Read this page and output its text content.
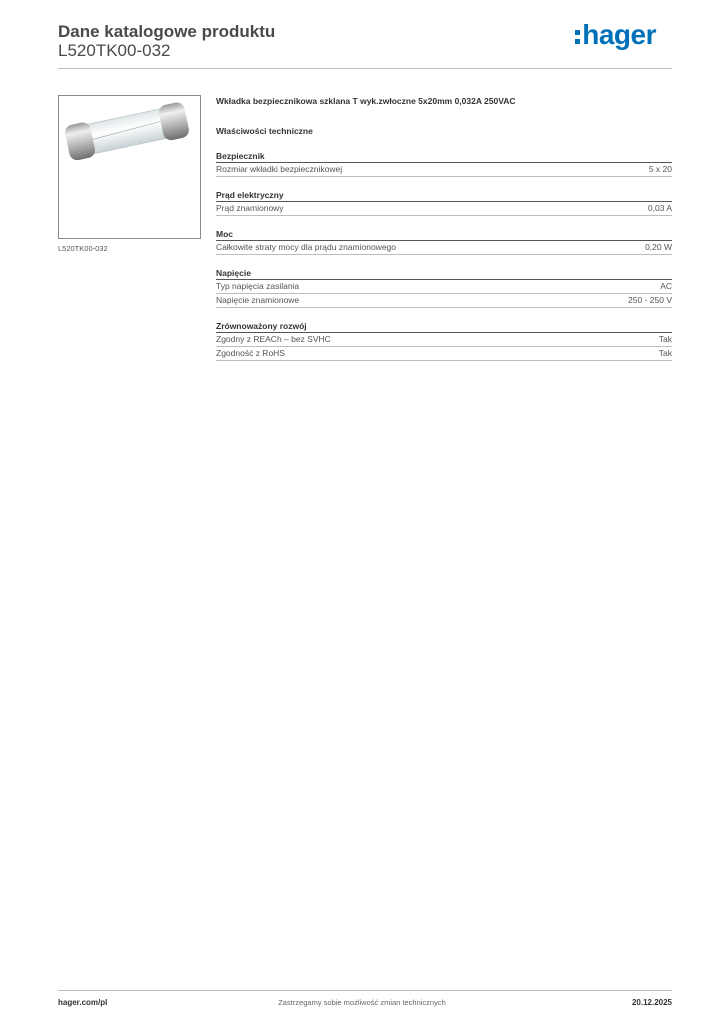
Dane katalogowe produktu
L520TK00-032
hager
L520TK00-032
Wkładka bezpiecznikowa szklana T wyk.zwłoczne 5x20mm 0,032A 250VAC
Właściwości techniczne
Bezpiecznik
Rozmiar wkładki bezpiecznikowej	5 x 20
Prąd elektryczny
Prąd znamionowy	0,03 A
Moc
Całkowite straty mocy dla prądu znamionowego	0,20 W
Napięcie
Typ napięcia zasilania	AC
Napięcie znamionowe	250 - 250 V
Zrównoważony rozwój
Zgodny z REACh – bez SVHC	Tak
Zgodność z RoHS	Tak
hager.com/pl	Zastrzegamy sobie możliwość zmian technicznych	20.12.2025
